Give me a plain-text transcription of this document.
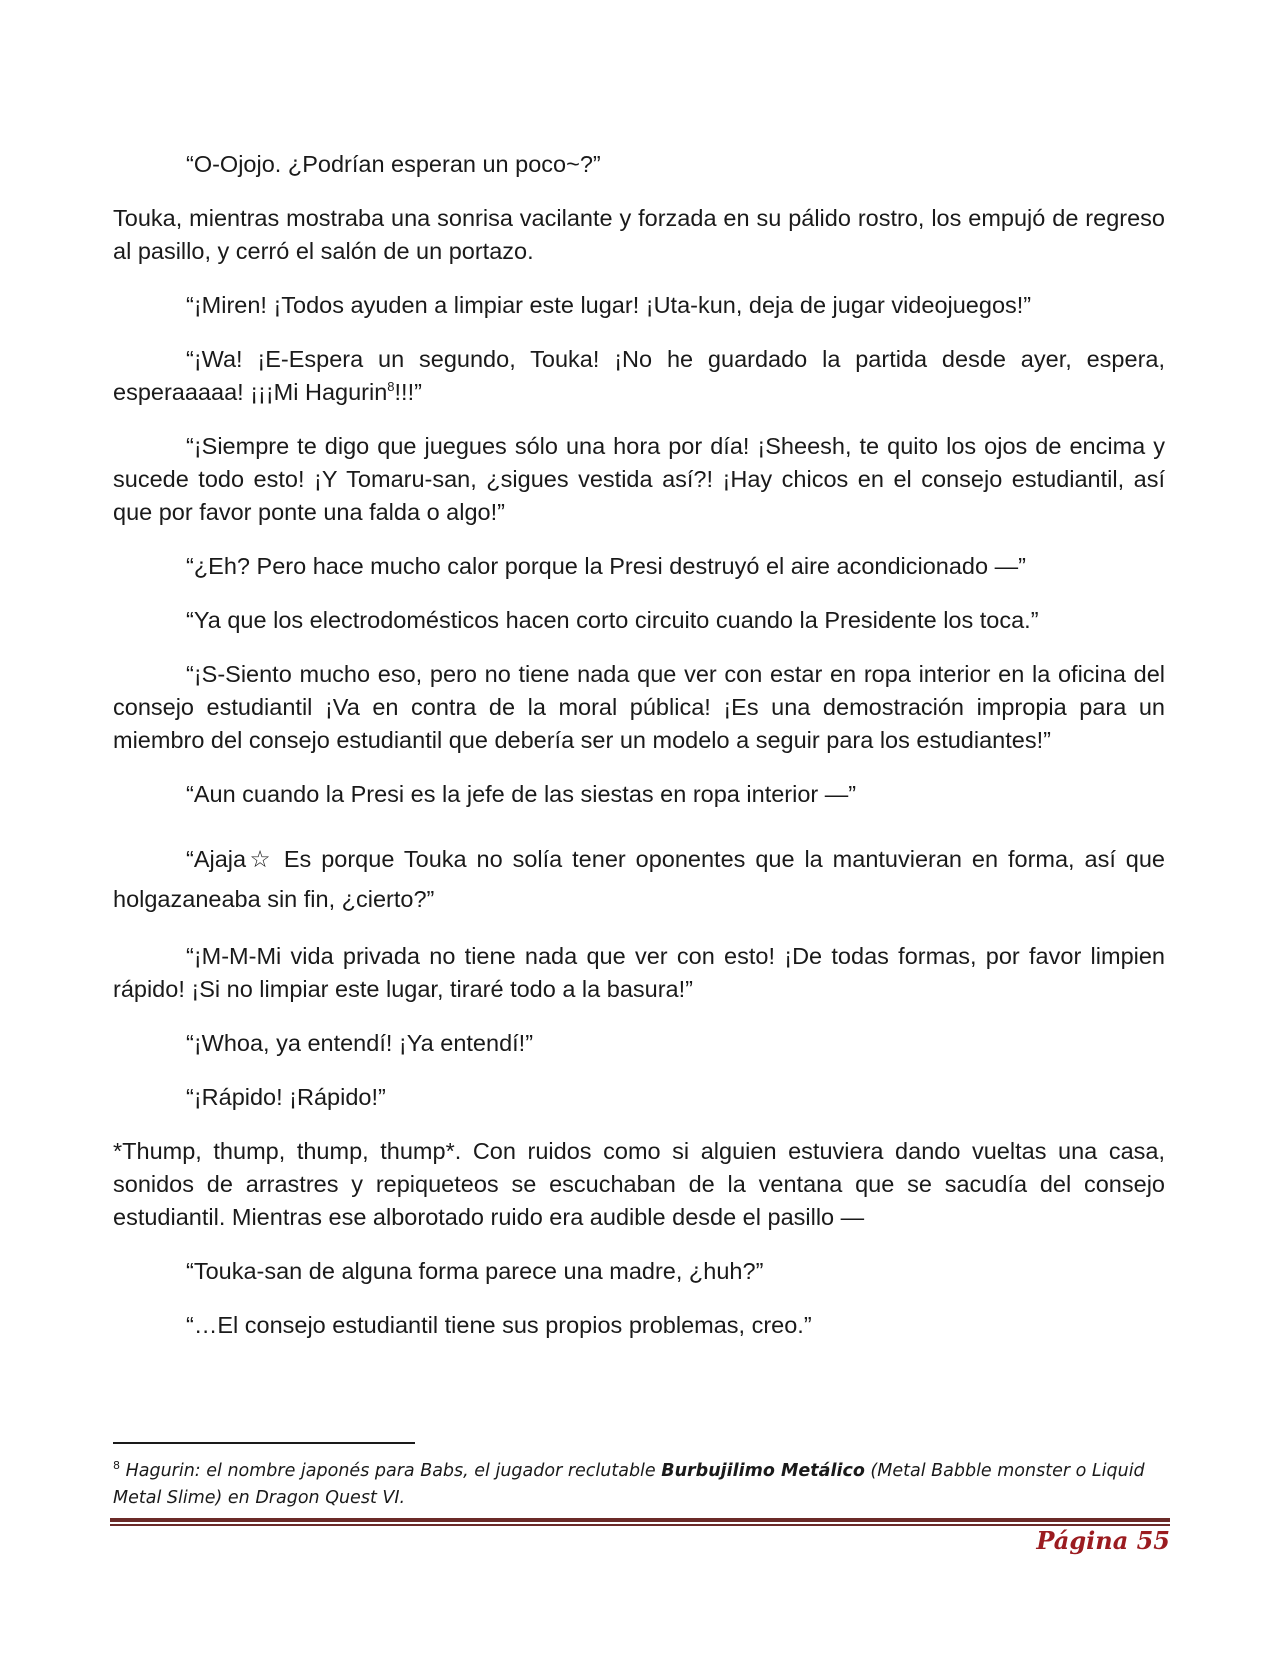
“O-Ojojo. ¿Podrían esperan un poco~?”

Touka, mientras mostraba una sonrisa vacilante y forzada en su pálido rostro, los empujó de regreso al pasillo, y cerró el salón de un portazo.

“¡Miren! ¡Todos ayuden a limpiar este lugar! ¡Uta-kun, deja de jugar videojuegos!”

“¡Wa! ¡E-Espera un segundo, Touka! ¡No he guardado la partida desde ayer, espera, esperaaaaa! ¡¡¡Mi Hagurin$^8$!!!”

“¡Siempre te digo que juegues sólo una hora por día! ¡Sheesh, te quito los ojos de encima y sucede todo esto! ¡Y Tomaru-san, ¿sigues vestida así?! ¡Hay chicos en el consejo estudiantil, así que por favor ponte una falda o algo!”

“¿Eh? Pero hace mucho calor porque la Presi destruyó el aire acondicionado —”

“Ya que los electrodomésticos hacen corto circuito cuando la Presidente los toca.”

“¡S-Siento mucho eso, pero no tiene nada que ver con estar en ropa interior en la oficina del consejo estudiantil ¡Va en contra de la moral pública! ¡Es una demostración impropia para un miembro del consejo estudiantil que debería ser un modelo a seguir para los estudiantes!”

“Aun cuando la Presi es la jefe de las siestas en ropa interior —”

“Ajaja☆ Es porque Touka no solía tener oponentes que la mantuvieran en forma, así que holgazaneaba sin fin, ¿cierto?”

“¡M-M-Mi vida privada no tiene nada que ver con esto! ¡De todas formas, por favor limpien rápido! ¡Si no limpiar este lugar, tiraré todo a la basura!”

“¡Whoa, ya entendí! ¡Ya entendí!”

“¡Rápido! ¡Rápido!”

*Thump, thump, thump, thump*. Con ruidos como si alguien estuviera dando vueltas una casa, sonidos de arrastres y repiqueteos se escuchaban de la ventana que se sacudía del consejo estudiantil. Mientras ese alborotado ruido era audible desde el pasillo —

“Touka-san de alguna forma parece una madre, ¿huh?”

“…El consejo estudiantil tiene sus propios problemas, creo.”

$^8$ Hagurin: el nombre japonés para Babs, el jugador reclutable Burbujilimo Metálico (Metal Babble monster o Liquid Metal Slime) en Dragon Quest VI.
Página 55
